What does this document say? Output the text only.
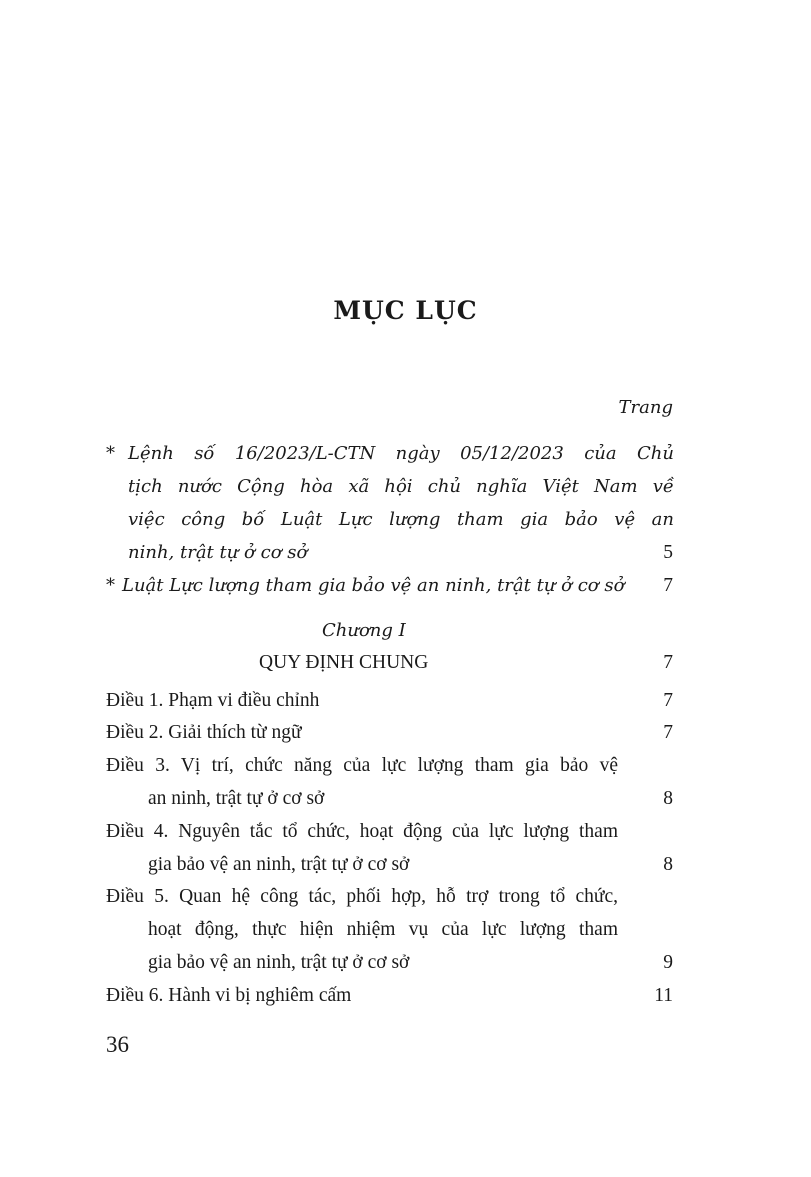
MỤC LỤC
Trang
* Lệnh số 16/2023/L-CTN ngày 05/12/2023 của Chủ
tịch nước Cộng hòa xã hội chủ nghĩa Việt Nam về
việc công bố Luật Lực lượng tham gia bảo vệ an
ninh, trật tự ở cơ sở	5
* Luật Lực lượng tham gia bảo vệ an ninh, trật tự ở cơ sở 7
Chương I
QUY ĐỊNH CHUNG	7
Điều 1. Phạm vi điều chỉnh	7
Điều 2. Giải thích từ ngữ	7
Điều 3. Vị trí, chức năng của lực lượng tham gia bảo vệ
an ninh, trật tự ở cơ sở	8
Điều 4. Nguyên tắc tổ chức, hoạt động của lực lượng tham
gia bảo vệ an ninh, trật tự ở cơ sở	8
Điều 5. Quan hệ công tác, phối hợp, hỗ trợ trong tổ chức,
hoạt động, thực hiện nhiệm vụ của lực lượng tham
gia bảo vệ an ninh, trật tự ở cơ sở	9
Điều 6. Hành vi bị nghiêm cấm	11
36
